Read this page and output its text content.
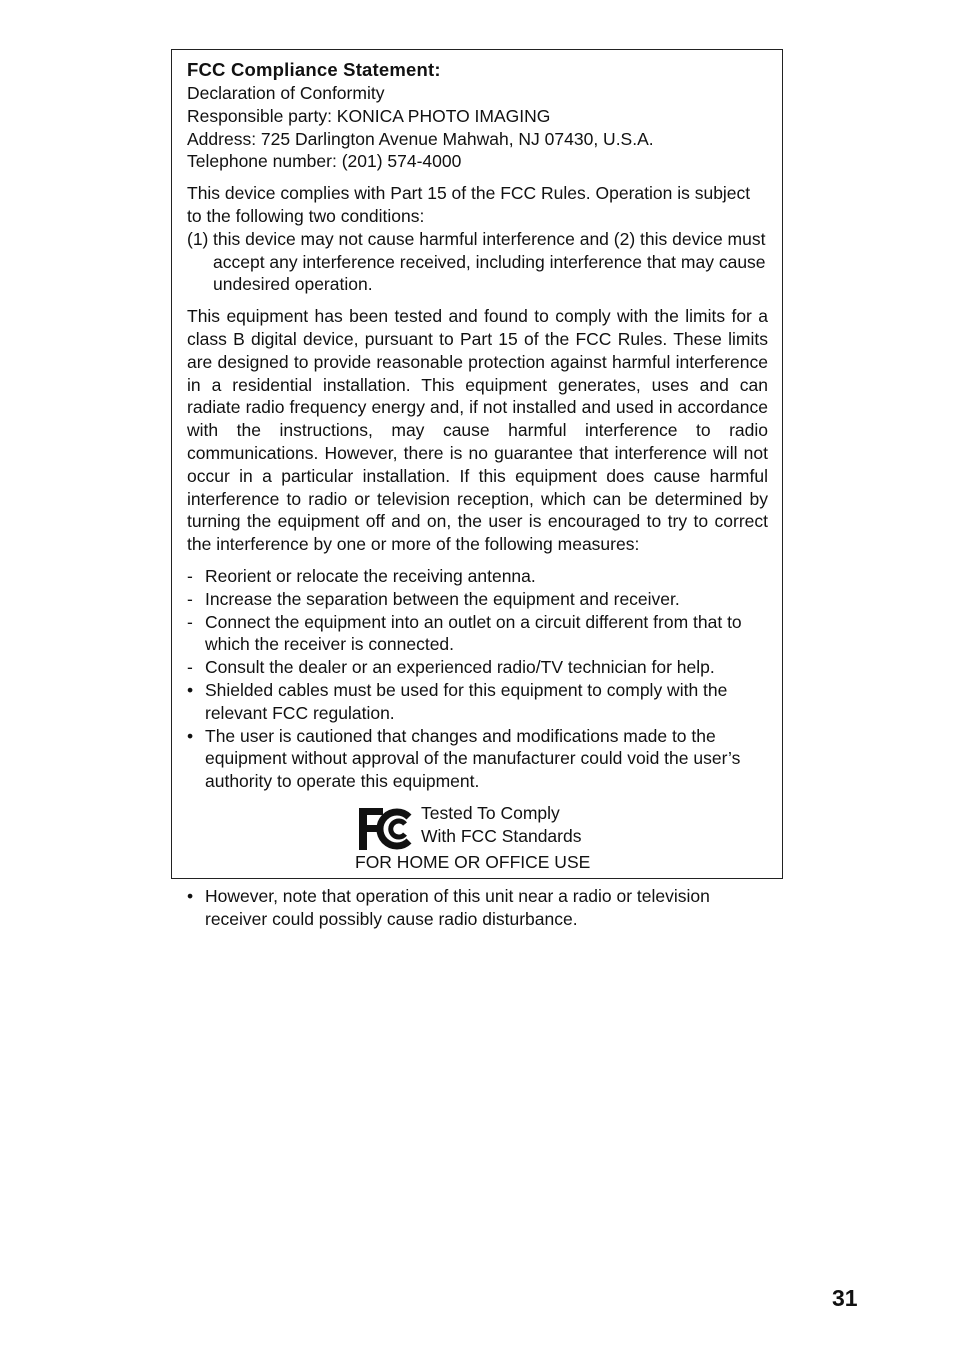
FCC Compliance Statement:
Declaration of Conformity
Responsible party: KONICA PHOTO IMAGING
Address: 725 Darlington Avenue Mahwah, NJ 07430, U.S.A.
Telephone number: (201) 574-4000
This device complies with Part 15 of the FCC Rules. Operation is subject to the following two conditions:
(1) this device may not cause harmful interference and (2) this device must accept any interference received, including interference that may cause undesired operation.
This equipment has been tested and found to comply with the limits for a class B digital device, pursuant to Part 15 of the FCC Rules. These limits are designed to provide reasonable protection against harmful interference in a residential installation. This equipment generates, uses and can radiate radio frequency energy and, if not installed and used in accordance with the instructions, may cause harmful interference to radio communications. However, there is no guarantee that interference will not occur in a particular installation. If this equipment does cause harmful interference to radio or television reception, which can be determined by turning the equipment off and on, the user is encouraged to try to correct the interference by one or more of the following measures:
- Reorient or relocate the receiving antenna.
- Increase the separation between the equipment and receiver.
- Connect the equipment into an outlet on a circuit different from that to which the receiver is connected.
- Consult the dealer or an experienced radio/TV technician for help.
• Shielded cables must be used for this equipment to comply with the relevant FCC regulation.
• The user is cautioned that changes and modifications made to the equipment without approval of the manufacturer could void the user’s authority to operate this equipment.
Tested To Comply
With FCC Standards
FOR HOME OR OFFICE USE
• However, note that operation of this unit near a radio or television receiver could possibly cause radio disturbance.
31
